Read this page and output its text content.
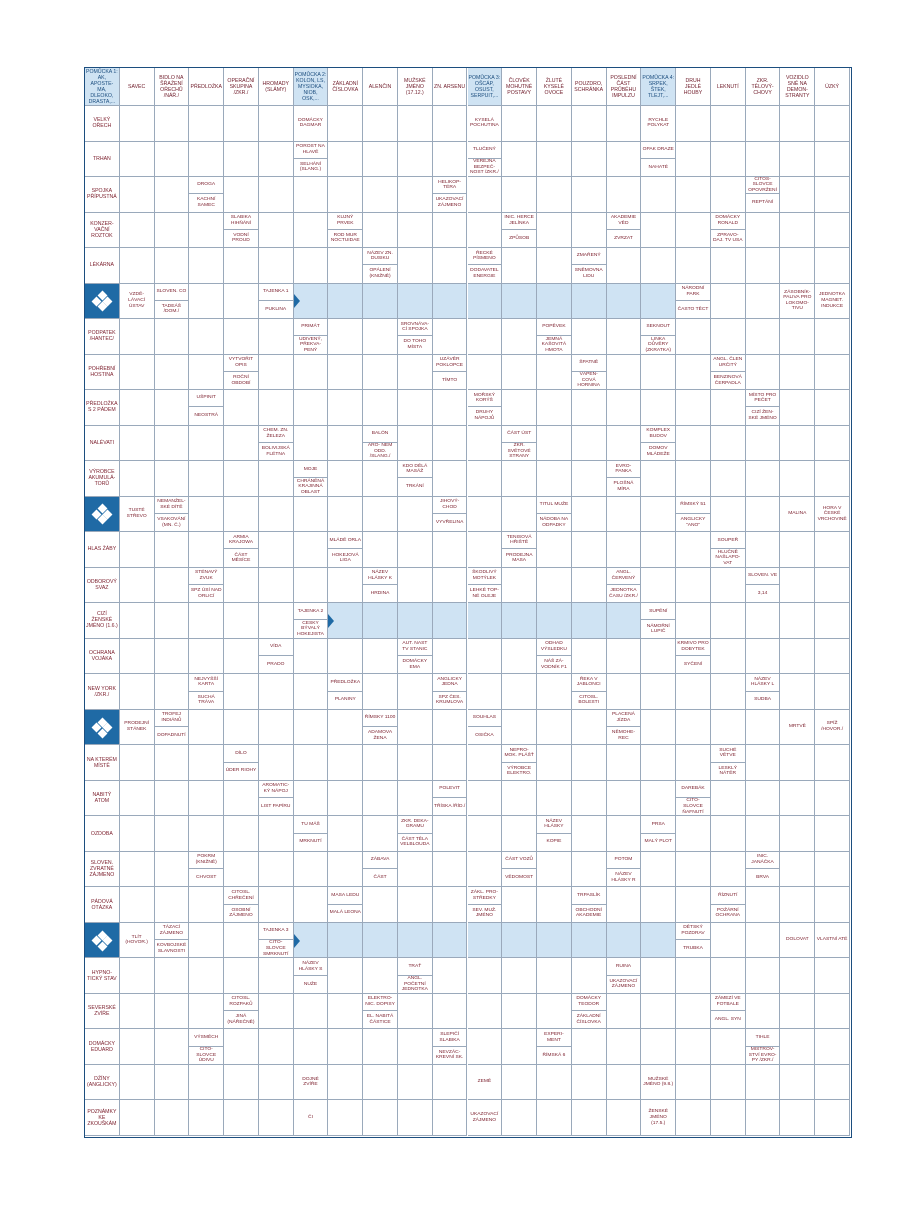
POMŮCKA 1: AK, APOSTE- MA, DLEOKO, DRASTA,...
SAVEC
BIDLO NA ŠŘAŽENÍ OŘECHŮ /NÁŘ./
PŘEDLOŽKA
OPERAČNÍ SKUPINA /ZKR./
HROMADY (SLÁMY)
POMŮCKA 2: KOLON, LS, MYSIOKA, NIOB, OSK,...
ZÁKLADNÍ ČÍSLOVKA	ALENČIN
MUŽSKÉ JMÉNO (17.12.)
ZN. ARSENU
POMŮCKA 3: OŠCÁP, OSUST, SERPUIT,...
ČLOVĚK MOHUTNÉ POSTAVY
ŽLUTÉ KYSELÉ OVOCE
POUZDRO, SCHRÁNKA
POSLEDNÍ ČÁST PRŮBĚHU IMPULZU
POMŮCKA 4: SRPEK, ŠTEK, TLEJT,...
DRUH JEDLÉ HOUBY
LEKNUTÍ
ZKR. TĚLOVÝ- CHOVY
VOZIDLO SNĚ NA DEMON- STRANTY
ÚZKÝ
VELKÝ OŘECH
DOMÁCKY DAGMAR
KYSELÁ POCHUTINA
RYCHLE POLYKAT
TRHAN
POROST NA HLAVĚ
SELHÁNÍ (SLANG.)
TLUČENÝ
VEŘEJNÁ BEZPEČ- NOST /ZKR./
OPAK DRAZE
NAHATÉ
SPOJKA PŘÍPUSTNÁ
DROGA
KACHNÍ SAMEC
HELIKOP- TÉRA
UKAZOVACÍ ZÁJMENO
CITOS- SLOVCE OPOVRŽENÍ
REPTÁNÍ
KONZER- VAČNÍ ROZTOK
SLABIKA HIHŇÁNÍ
VODNÍ PROUD
KUJNÝ PRVEK
ROD MUR NOCTUIDAE
INIC. HERCE JELÍNKA
ZPŮSOB
AKADEMIE VĚD
ZVRZAT
DOMÁCKY RONALD
ZPRAVO- DAJ. TV USA
LÉKÁRNA
NÁZEV ZN. DUSIKU
OPÁLENÍ (KNIŽNĚ)
ŘECKÉ PÍSMENO
DODAVATEL ENERGIE
ZMAŘENÝ
SNĚMOVNA LIDU
VZDĚ- LÁVACÍ ÚSTAV
SLOVEN. CO
TADEÁŠ /DOM./
TAJENKA 1
PUKLINA
NÁRODNÍ PARK
ČASTO TĚCT
ZÁSOBNÍK- PALIVA PRO LOKOMO- TIVU
JEDNOTKA MAGNET. INDUKCE
PODPATEK /HANTEC/
PRIMÁT
UDIVENÝ, PŘEKVA- PENÝ
SROVNÁVA- CÍ SPOJKA
DO TOHO MÍSTA
POPĚVEK
JEMNÁ KAŠOVITÁ HMOTA
SEKNOUT
LINKA DŮVĚRY (ZKRATKA)
POHŘEBNÍ HOSTINA
VYTVOŘIT OPIS
ROČNÍ OBDOBÍ
UZÁVĚR POKLOPCE
TÍMTO
ŠPATNĚ
VÁPEN- COVÁ HORNINA
ANGL. ČLEN URČITÝ
BENZINOVÁ ČERPADLA
PŘEDLOŽKA S 2 PÁDEM
UŠPINIT
NEOSTRÁ
MOŘSKÝ KORÝŠ
DRUHY NÁPOJŮ
MÍSTO PRO PEČET
CIZÍ ŽEN- SKÉ JMÉNO
NALÉVATI
CHEM. ZN. ŽELEZA
BOLIVIJSKÁ FLÉTNA
BALÓN
ARO- NEM ODD. /SLANG./
ČÁST ÚST
ZKR. SVĚTOVÉ STRANY
KOMPLEX BUDOV
DOMOV MLÁDEŽE
VÝROBCE AKUMULÁ- TORŮ
MOJE
CHRÁNĚNÁ KRAJINNÁ OBLAST
KDO DĚLÁ MASÁŽ
TRKÁNÍ
EVRO- PANKA
PLOŠNÁ MÍRA
TUSTÉ STŘEVO
NEMANŽEL- SKÉ DÍTĚ
VSAKOVÁNÍ (MN. Č.)
JIHOVÝ- CHOD
VYVŘELINA
TITUL MUŽE
NÁDOBA NA ODPADKY
ŘÍMSKÝ 51
ANGLICKY "ANO"
MALINA
HORA V ČESKÉ VRCHOVINĚ
HLAS ŽÁBY
ARMIA KRAJOWA
ČÁST MĚSÍCE
MLÁDĚ ORLA
HOKEJOVÁ LIGA
TENISOVÁ HŘIŠTĚ
PRODEJNA MASA
SOUPEŘ
HLUČNĚ NAŠLAPO- VAT
ODBOROVÝ SVAZ
STÉNAVÝ ZVUK
SPZ ÚSÍ NAD ORLICÍ
NÁZEV HLÁSKY K
HRDINA
ŠKODLIVÝ MOTÝLEK
LEHKÉ TOP- NÉ OLEJE
ANGL. ČERVENÝ
JEDNOTKA ČASU /ZKR./
SLOVEN. VE
3,14
CIZÍ ŽENSKÉ JMÉNO (1.6.)
TAJENKA 2
ČESKÝ BÝVALÝ HOKEJISTA
SUPĚNÍ
NÁMOŘNÍ LUPIČ
OCHRANA VOJÁKA
VÍDA
PRADO
AUT. NAST TV STANIC
DOMÁCKY EMA
ODHAD VÝSLEDKU
NÁŠ ZÁ- VODNÍK F1
KRMIVO PRO DOBYTEK
SYČENÍ
NEW YORK /ZKR./
NEJVYŠŠÍ KARTA
SUCHÁ TRÁVA
PŘEDLOŽKA
PLANINY
ANGLICKY JEDNA
SPZ ČES. KRUMLOVA
ŘEKA V JABLONCI
CITOSL. BOLESTI
NÁZEV HLÁSKY L
SUDBA
PRODEJNÍ STÁNEK
TROFEJ INDIÁNŮ
DOPADNUTÍ
ŘÍMSKY 1100
ADAMOVA ŽENA
SOUHLAS
OSIČKA
PLACENÁ JÍZDA
NĚMOHE- REC
MRTVĚ
SPÍŽ /HOVOR./
NA KTERÉM MÍSTĚ
DÍLO
ÚDER RIOHY
NEPRO- MOK. PLÁŠŤ
VÝROBCE ELEKTRO.
SUCHÉ VĚTVE
LESKLÝ NÁTĚR
NABITÝ ATOM
AROMATIC- KÝ NÁPOJ
LIST PAPÍRU
POLEVIT
TŘÍSKA /ŘÍD./
DAREBÁK
CITO- SLOVCE ŇAFNUTÍ
OZDOBA
TU MÁŠ
MRKNUTÍ
ZKR. DEKA- GRAMU
ČÁST TĚLA VELBLOUDA
NÁZEV HLÁSKY
KOPIE
PRSA
MALÝ PLOT
SLOVEN. ZVRATNÉ ZÁJMENO
POKRM (KNIŽNĚ)
CHVOST
ZÁBAVA
ČÁST
ČÁST VOZŮ
VĚDOMOST
POTOM
NÁZEV HLÁSKY R
INIC. JANÁČKA
BRVA
PÁDOVÁ OTÁZKA
CITOSL. CHŘEČENÍ
OSOBNÍ ZÁJMENO
MASA LEDU
MALÁ LEONA
ZÁKL. PRO- STŘEDKY
SEV. MUŽ. JMÉNO
TRPASLÍK
OBCHODNÍ AKADEMIE
ŘÍZNUTÍ
POŽÁRNÍ OCHRANA
TLÍT (HOVOR.)
TÁZACÍ ZÁJMENO
KOVBOJSKÉ SLAVNOSTI
TAJENKA 3
CITO- SLOVCE SMRKNUTÍ
DĚTSKÝ POZDRAV
TRUBKA
DOLOVAT	VLASTNÍ ATÉ
HYPNO- TICKÝ STAV
NÁZEV HLÁSKY S
NUŽE
TRAŤ
ANGL. POČETNÍ JEDNOTKA
RUINA
UKAZOVACÍ ZÁJMENO
SEVERSKÉ ZVÍŘE
CITOSL. ROZPAKŮ
JINÁ (NÁŘEČNĚ)
ELEKTRO- NIC. DOPISY
EL. NABITÁ ČÁSTICE
DOMÁCKY TEODOR
ZÁKLADNÍ ČÍSLOVKA
ZÁMEZÍ VE FOTBALE
ANGL. SYN
DOMÁCKY EDUARD
VÝSMĚCH
CITO- SLOVCE ÚDIVU
SLEPIČÍ SLABIKA
NEVZÁC- KREVNÍ SK.
EXPERI- MENT
ŘÍMSKÁ 6
TIHLE
MISTROV- STVÍ EVRO- PY /ZKR./
DŽÍNY (ANGLICKY)
DOJNÉ ZVÍŘE
ZEMĚ
MUŽSKÉ JMÉNO (9.8.)
POZNÁMKY KE ZKOUŠKÁM
ČI
UKAZOVACÍ ZÁJMENO
ŽENSKÉ JMÉNO (17.5.)
